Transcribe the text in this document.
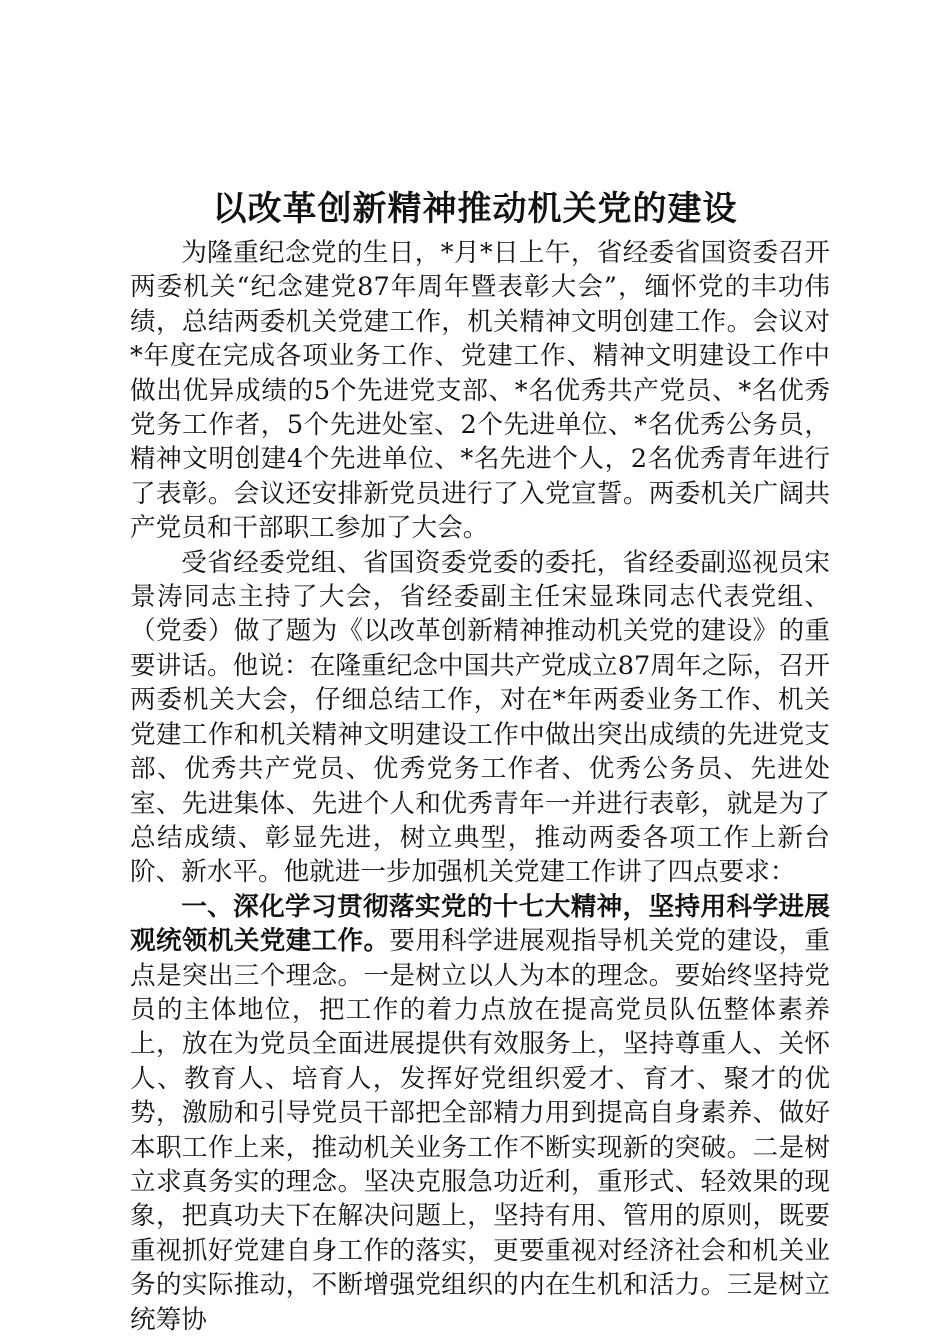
以改革创新精神推动机关党的建设

为隆重纪念党的生日，*月*日上午，省经委省国资委召开两委机关“纪念建党87年周年暨表彰大会”，缅怀党的丰功伟绩，总结两委机关党建工作，机关精神文明创建工作。会议对*年度在完成各项业务工作、党建工作、精神文明建设工作中做出优异成绩的5个先进党支部、*名优秀共产党员、*名优秀党务工作者，5个先进处室、2个先进单位、*名优秀公务员，精神文明创建4个先进单位、*名先进个人，2名优秀青年进行了表彰。会议还安排新党员进行了入党宣誓。两委机关广阔共产党员和干部职工参加了大会。

受省经委党组、省国资委党委的委托，省经委副巡视员宋景涛同志主持了大会，省经委副主任宋显珠同志代表党组、（党委）做了题为《以改革创新精神推动机关党的建设》的重要讲话。他说：在隆重纪念中国共产党成立87周年之际，召开两委机关大会，仔细总结工作，对在*年两委业务工作、机关党建工作和机关精神文明建设工作中做出突出成绩的先进党支部、优秀共产党员、优秀党务工作者、优秀公务员、先进处室、先进集体、先进个人和优秀青年一并进行表彰，就是为了总结成绩、彰显先进，树立典型，推动两委各项工作上新台阶、新水平。他就进一步加强机关党建工作讲了四点要求：

一、深化学习贯彻落实党的十七大精神，坚持用科学进展观统领机关党建工作。要用科学进展观指导机关党的建设，重点是突出三个理念。一是树立以人为本的理念。要始终坚持党员的主体地位，把工作的着力点放在提高党员队伍整体素养上，放在为党员全面进展提供有效服务上，坚持尊重人、关怀人、教育人、培育人，发挥好党组织爱才、育才、聚才的优势，激励和引导党员干部把全部精力用到提高自身素养、做好本职工作上来，推动机关业务工作不断实现新的突破。二是树立求真务实的理念。坚决克服急功近利，重形式、轻效果的现象，把真功夫下在解决问题上，坚持有用、管用的原则，既要重视抓好党建自身工作的落实，更要重视对经济社会和机关业务的实际推动，不断增强党组织的内在生机和活力。三是树立统筹协
